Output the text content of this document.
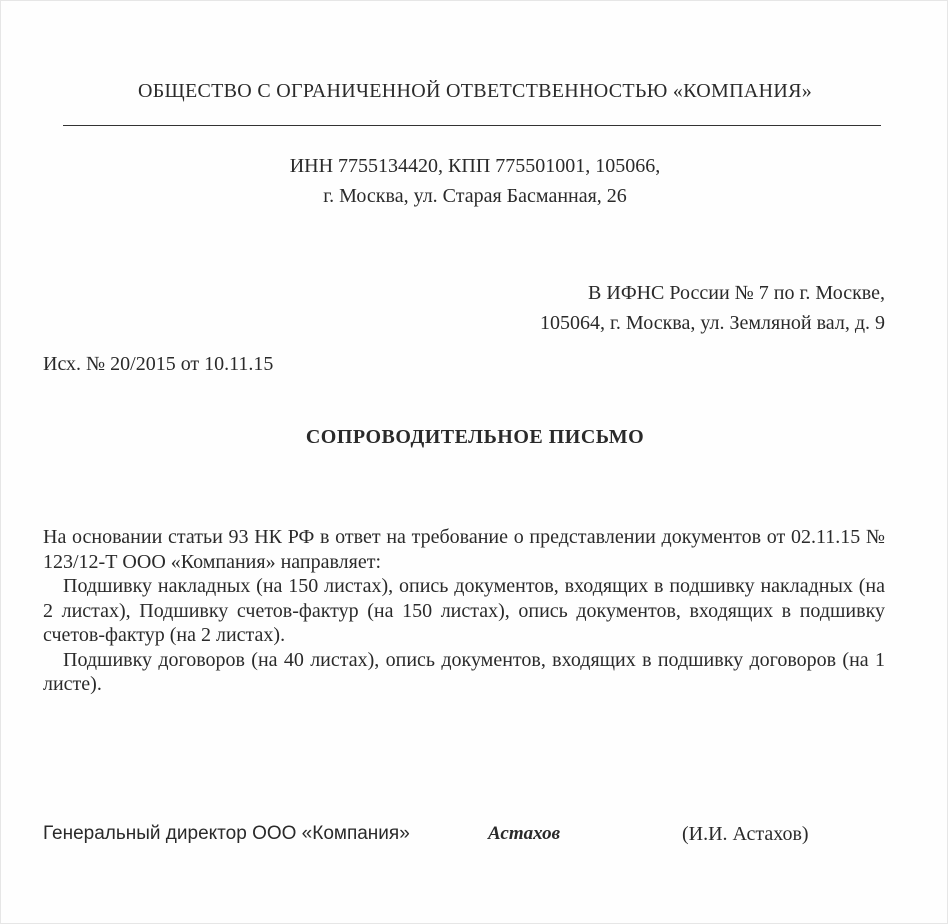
ОБЩЕСТВО С ОГРАНИЧЕННОЙ ОТВЕТСТВЕННОСТЬЮ «КОМПАНИЯ»
ИНН 7755134420, КПП 775501001, 105066,
г. Москва, ул. Старая Басманная, 26
В ИФНС России № 7 по г. Москве,
105064, г. Москва, ул. Земляной вал, д. 9
Исх. № 20/2015 от 10.11.15
СОПРОВОДИТЕЛЬНОЕ ПИСЬМО

На основании статьи 93 НК РФ в ответ на требование о представлении документов от 02.11.15 № 123/12-Т ООО «Компания» направляет:

Подшивку накладных (на 150 листах), опись документов, входящих в подшивку накладных (на 2 листах), Подшивку счетов-фактур (на 150 листах), опись документов, входящих в подшивку счетов-фактур (на 2 листах).

Подшивку договоров (на 40 листах), опись документов, входящих в подшивку договоров (на 1 листе).

Генеральный директор ООО «Компания»	Астахов	(И.И. Астахов)
